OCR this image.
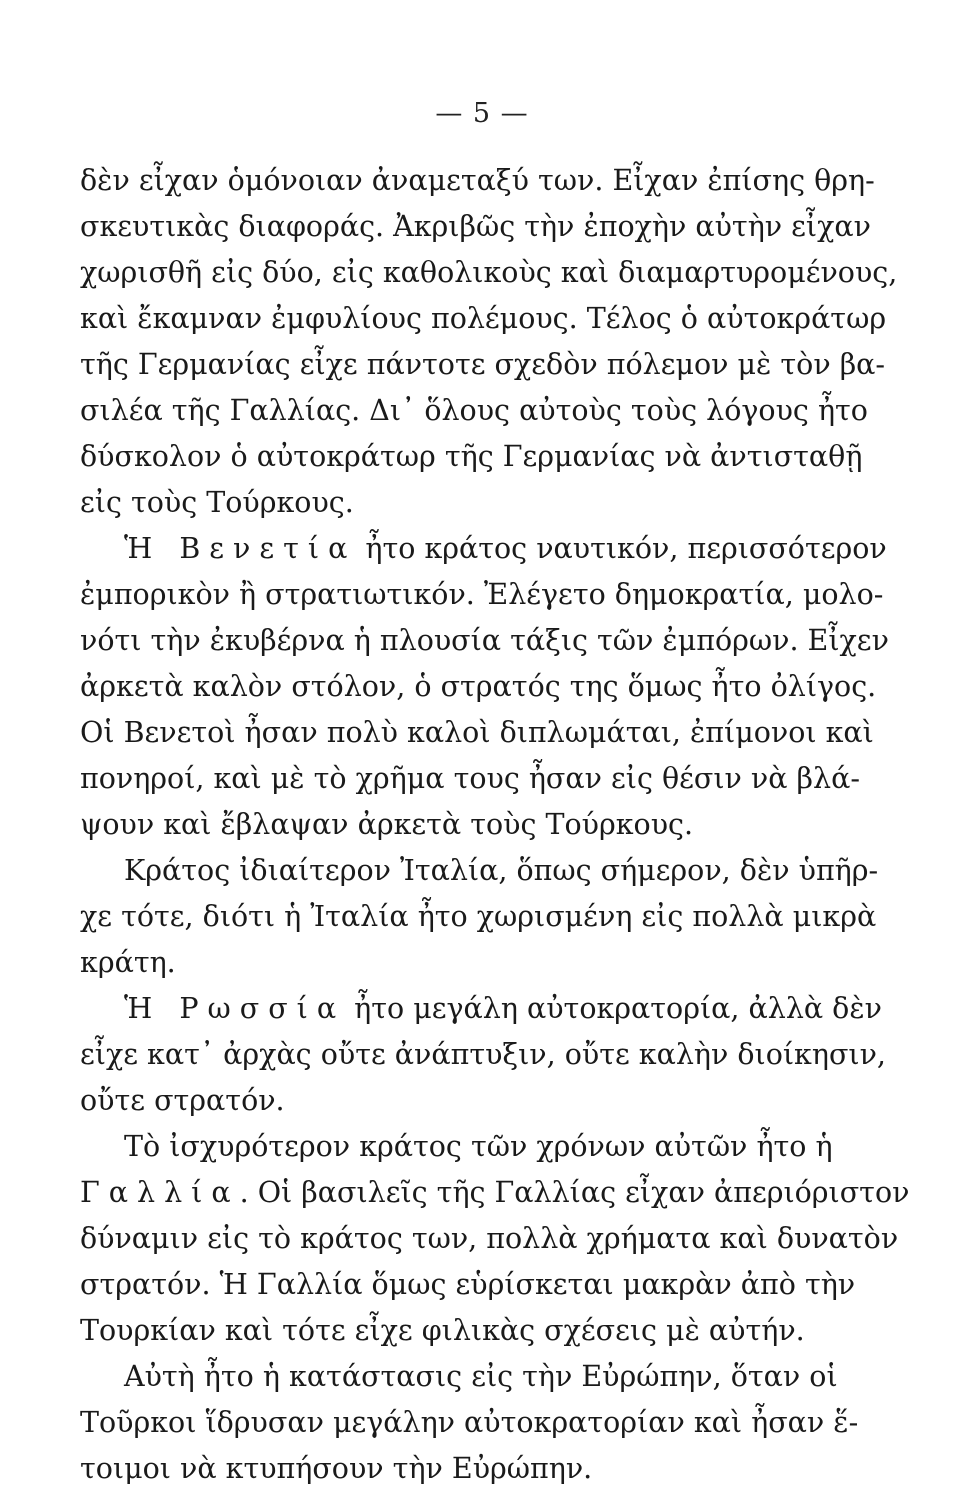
— 5 —
δὲν εἶχαν ὁμόνοιαν ἀναμεταξύ των. Εἶχαν ἐπίσης θρη-
σκευτικὰς διαφοράς. Ἀκριβῶς τὴν ἐποχὴν αὐτὴν εἶχαν
χωρισθῆ εἰς δύο, εἰς καθολικοὺς καὶ διαμαρτυρομένους,
καὶ ἔκαμναν ἐμφυλίους πολέμους. Τέλος ὁ αὐτοκράτωρ
τῆς Γερμανίας εἶχε πάντοτε σχεδὸν πόλεμον μὲ τὸν βα-
σιλέα τῆς Γαλλίας. Δι᾽ ὅλους αὐτοὺς τοὺς λόγους ἦτο
δύσκολον ὁ αὐτοκράτωρ τῆς Γερμανίας νὰ ἀντισταθῇ
εἰς τοὺς Τούρκους.
Ἡ Βενετία ἦτο κράτος ναυτικόν, περισσότερον
ἐμπορικὸν ἢ στρατιωτικόν. Ἐλέγετο δημοκρατία, μολο-
νότι τὴν ἐκυβέρνα ἡ πλουσία τάξις τῶν ἐμπόρων. Εἶχεν
ἀρκετὰ καλὸν στόλον, ὁ στρατός της ὅμως ἦτο ὀλίγος.
Οἱ Βενετοὶ ἦσαν πολὺ καλοὶ διπλωμάται, ἐπίμονοι καὶ
πονηροί, καὶ μὲ τὸ χρῆμα τους ἦσαν εἰς θέσιν νὰ βλά-
ψουν καὶ ἔβλαψαν ἀρκετὰ τοὺς Τούρκους.
Κράτος ἰδιαίτερον Ἰταλία, ὅπως σήμερον, δὲν ὑπῆρ-
χε τότε, διότι ἡ Ἰταλία ἦτο χωρισμένη εἰς πολλὰ μικρὰ
κράτη.
Ἡ Ρωσσία ἦτο μεγάλη αὐτοκρατορία, ἀλλὰ δὲν
εἶχε κατ᾽ ἀρχὰς οὔτε ἀνάπτυξιν, οὔτε καλὴν διοίκησιν,
οὔτε στρατόν.
Τὸ ἰσχυρότερον κράτος τῶν χρόνων αὐτῶν ἦτο ἡ
Γαλλία. Οἱ βασιλεῖς τῆς Γαλλίας εἶχαν ἀπεριόριστον
δύναμιν εἰς τὸ κράτος των, πολλὰ χρήματα καὶ δυνατὸν
στρατόν. Ἡ Γαλλία ὅμως εὑρίσκεται μακρὰν ἀπὸ τὴν
Τουρκίαν καὶ τότε εἶχε φιλικὰς σχέσεις μὲ αὐτήν.
Αὐτὴ ἦτο ἡ κατάστασις εἰς τὴν Εὐρώπην, ὅταν οἱ
Τοῦρκοι ἵδρυσαν μεγάλην αὐτοκρατορίαν καὶ ἦσαν ἕ-
τοιμοι νὰ κτυπήσουν τὴν Εὐρώπην.
